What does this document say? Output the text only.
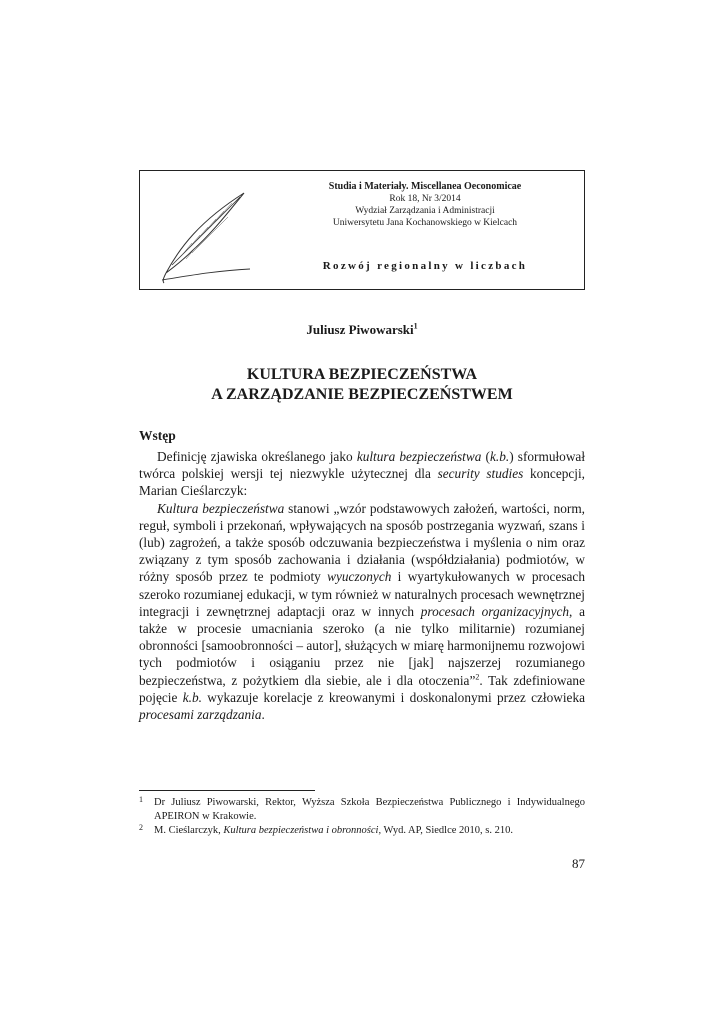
Studia i Materiały. Miscellanea Oeconomicae
Rok 18, Nr 3/2014
Wydział Zarządzania i Administracji
Uniwersytetu Jana Kochanowskiego w Kielcach
Rozwój regionalny w liczbach
Juliusz Piwowarski$^1$
KULTURA BEZPIECZEŃSTWA
A ZARZĄDZANIE BEZPIECZEŃSTWEM
Wstęp

Definicję zjawiska określanego jako kultura bezpieczeństwa (k.b.) sformułował twórca polskiej wersji tej niezwykle użytecznej dla security studies koncepcji, Marian Cieślarczyk:

Kultura bezpieczeństwa stanowi „wzór podstawowych założeń, wartości, norm, reguł, symboli i przekonań, wpływających na sposób postrzegania wyzwań, szans i (lub) zagrożeń, a także sposób odczuwania bezpieczeństwa i myślenia o nim oraz związany z tym sposób zachowania i działania (współdziałania) podmiotów, w różny sposób przez te podmioty wyuczonych i wyartykułowanych w procesach szeroko rozumianej edukacji, w tym również w naturalnych procesach wewnętrznej integracji i zewnętrznej adaptacji oraz w innych procesach organizacyjnych, a także w procesie umacniania szeroko (a nie tylko militarnie) rozumianej obronności [samoobronności – autor], służących w miarę harmonijnemu rozwojowi tych podmiotów i osiąganiu przez nie [jak] najszerzej rozumianego bezpieczeństwa, z pożytkiem dla siebie, ale i dla otoczenia”$^2$. Tak zdefiniowane pojęcie k.b. wykazuje korelacje z kreowanymi i doskonalonymi przez człowieka procesami zarządzania.

1 Dr Juliusz Piwowarski, Rektor, Wyższa Szkoła Bezpieczeństwa Publicznego i Indywidualnego APEIRON w Krakowie.
2 M. Cieślarczyk, Kultura bezpieczeństwa i obronności, Wyd. AP, Siedlce 2010, s. 210.
87
